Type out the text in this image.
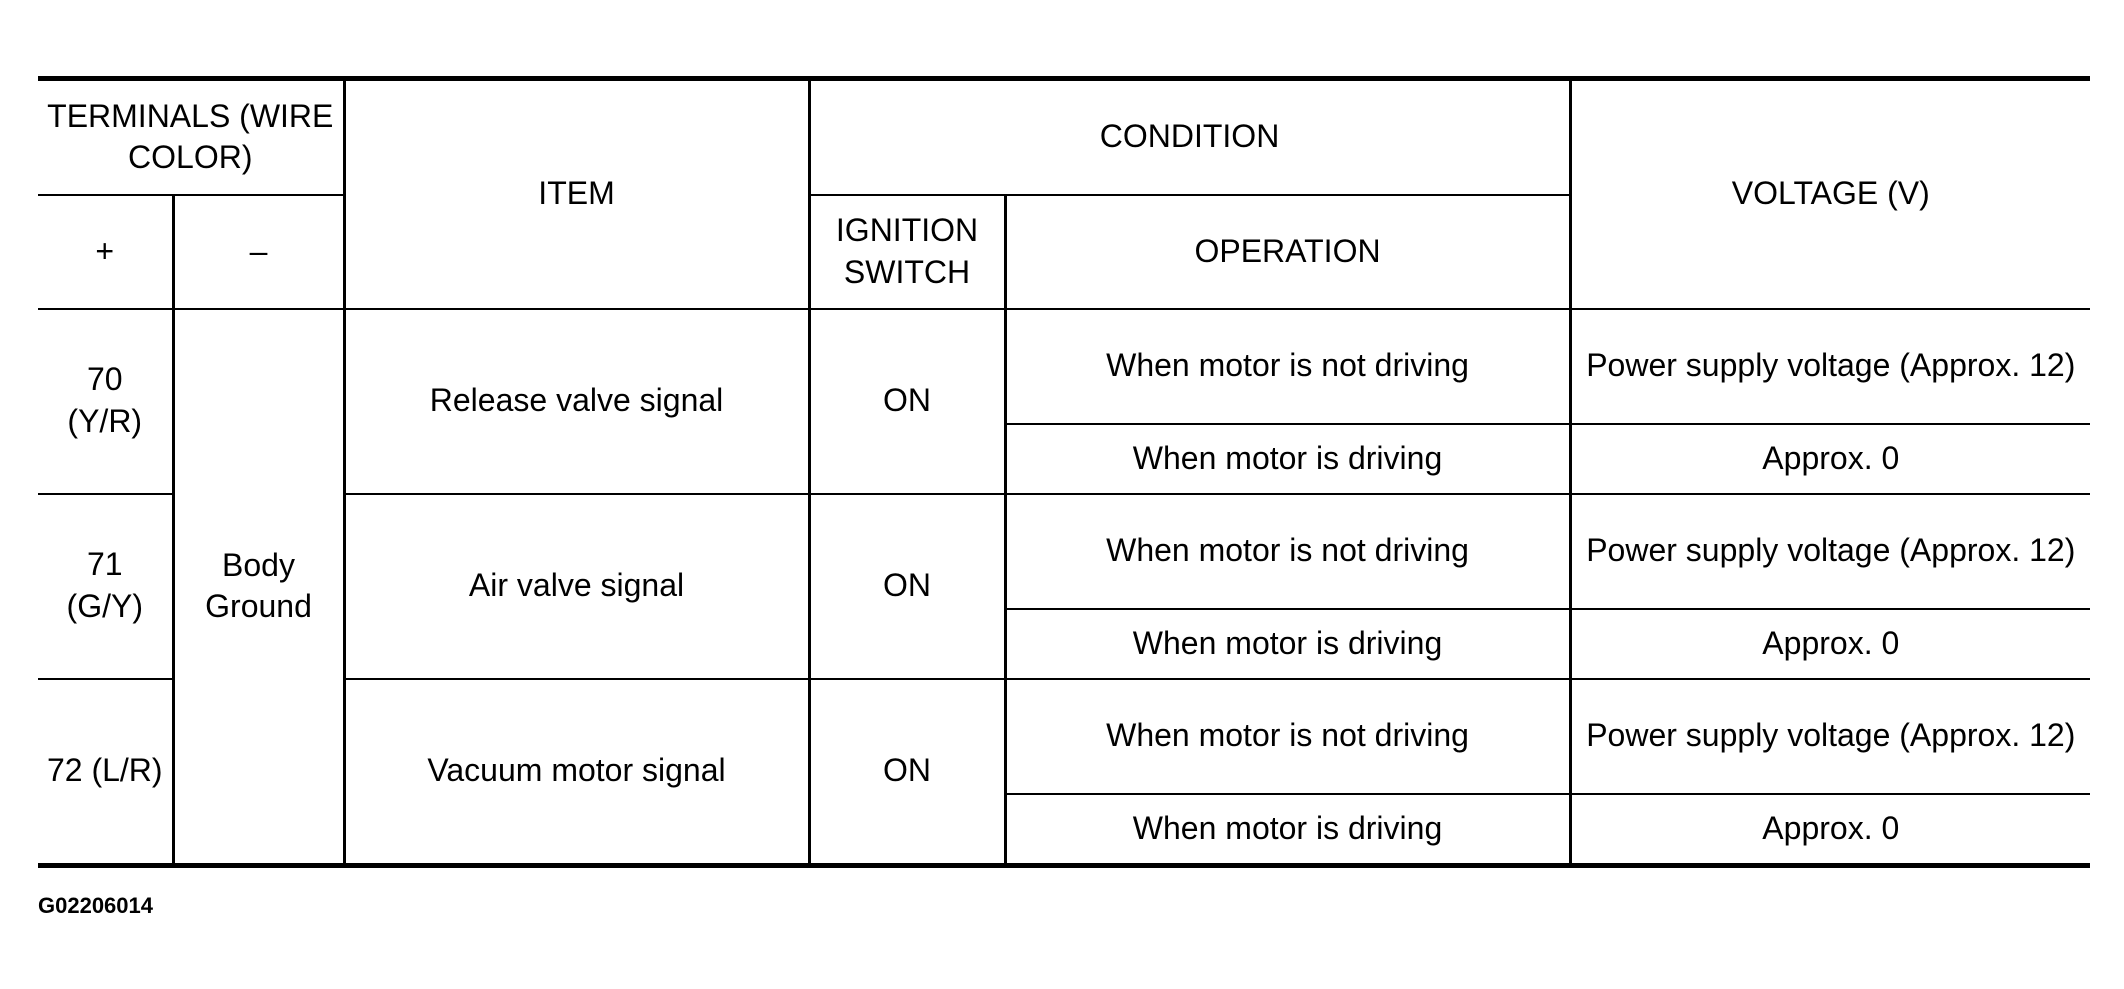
TERMINALS (WIRE COLOR)		ITEM	CONDITION		VOLTAGE (V)
+	–		IGNITION SWITCH	OPERATION	
70 (Y/R)	Body Ground	Release valve signal	ON	When motor is not driving	Power supply voltage (Approx. 12)
				When motor is driving	Approx. 0
71 (G/Y)		Air valve signal	ON	When motor is not driving	Power supply voltage (Approx. 12)
				When motor is driving	Approx. 0
72 (L/R)		Vacuum motor signal	ON	When motor is not driving	Power supply voltage (Approx. 12)
				When motor is driving	Approx. 0
G02206014
